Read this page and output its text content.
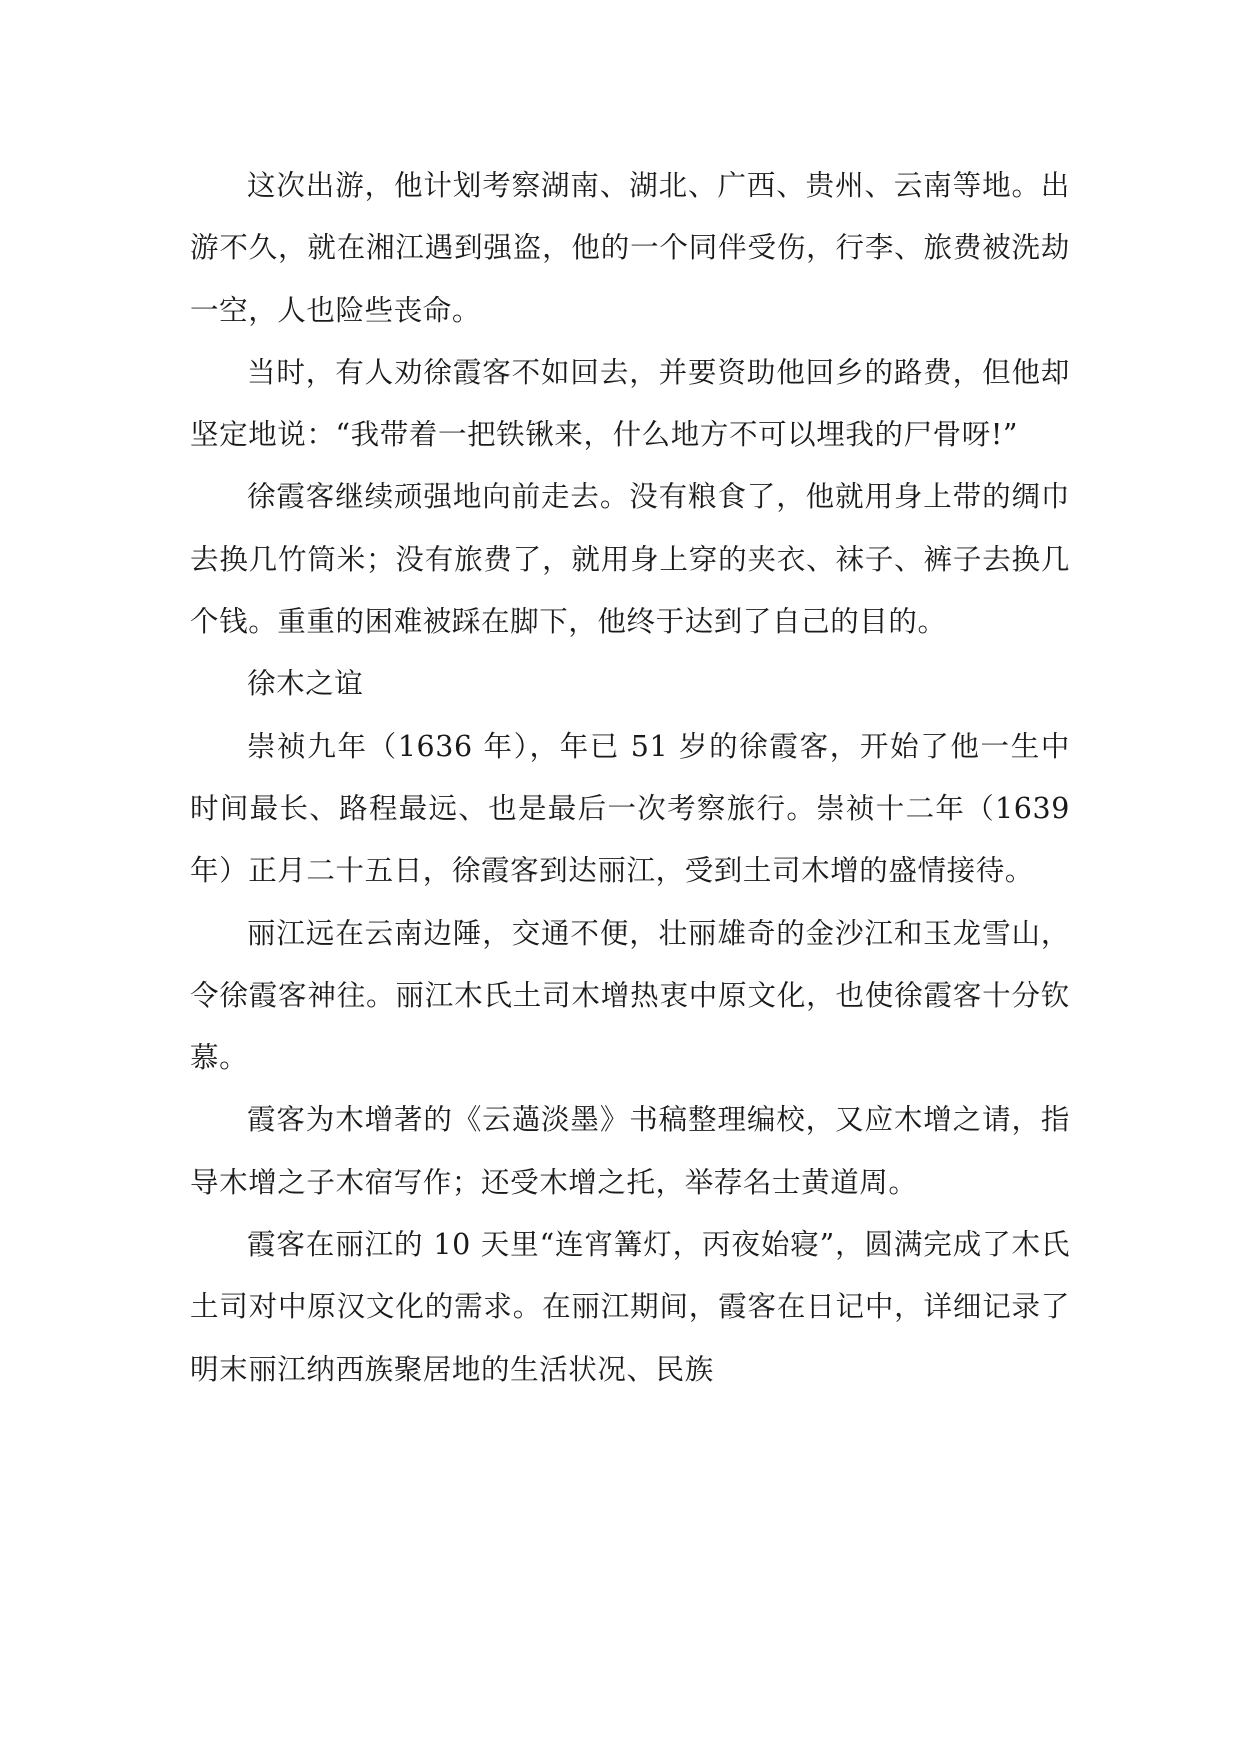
这次出游，他计划考察湖南、湖北、广西、贵州、云南等地。出游不久，就在湘江遇到强盗，他的一个同伴受伤，行李、旅费被洗劫一空，人也险些丧命。

当时，有人劝徐霞客不如回去，并要资助他回乡的路费，但他却坚定地说：“我带着一把铁锹来，什么地方不可以埋我的尸骨呀!”

徐霞客继续顽强地向前走去。没有粮食了，他就用身上带的绸巾去换几竹筒米；没有旅费了，就用身上穿的夹衣、袜子、裤子去换几个钱。重重的困难被踩在脚下，他终于达到了自己的目的。

徐木之谊

崇祯九年（1636 年），年已 51 岁的徐霞客，开始了他一生中时间最长、路程最远、也是最后一次考察旅行。崇祯十二年（1639 年）正月二十五日，徐霞客到达丽江，受到土司木增的盛情接待。

丽江远在云南边陲，交通不便，壮丽雄奇的金沙江和玉龙雪山，令徐霞客神往。丽江木氏土司木增热衷中原文化，也使徐霞客十分钦慕。

霞客为木增著的《云薖淡墨》书稿整理编校，又应木增之请，指导木增之子木宿写作；还受木增之托，举荐名士黄道周。

霞客在丽江的 10 天里“连宵篝灯，丙夜始寝”，圆满完成了木氏土司对中原汉文化的需求。在丽江期间，霞客在日记中，详细记录了明末丽江纳西族聚居地的生活状况、民族
